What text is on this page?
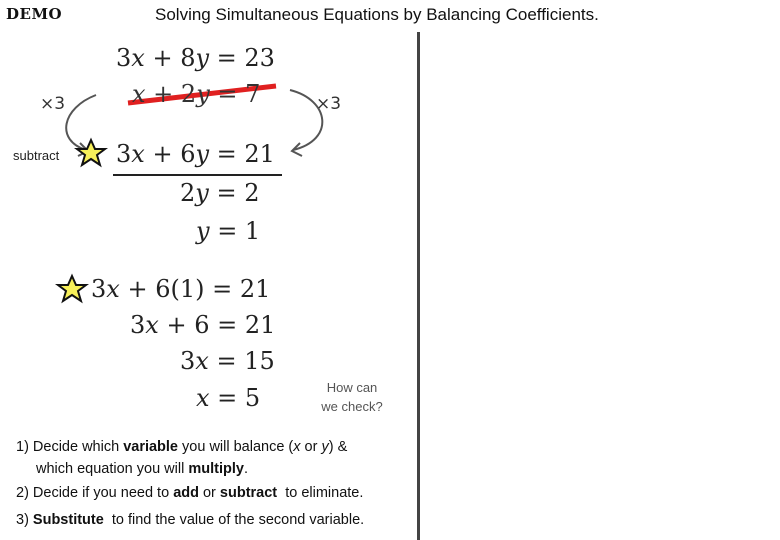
DEMO	Solving Simultaneous Equations by Balancing Coefficients.
3x + 8y = 23
x + 2y = 7
3x + 6y = 21
2y = 2
y = 1
3x + 6(1) = 21
3x + 6 = 21
3x = 15
x = 5
×3	×3
subtract
How can
we check?
1) Decide which variable you will balance (x or y) &
which equation you will multiply.
2) Decide if you need to add or subtract  to eliminate.
3) Substitute  to find the value of the second variable.
